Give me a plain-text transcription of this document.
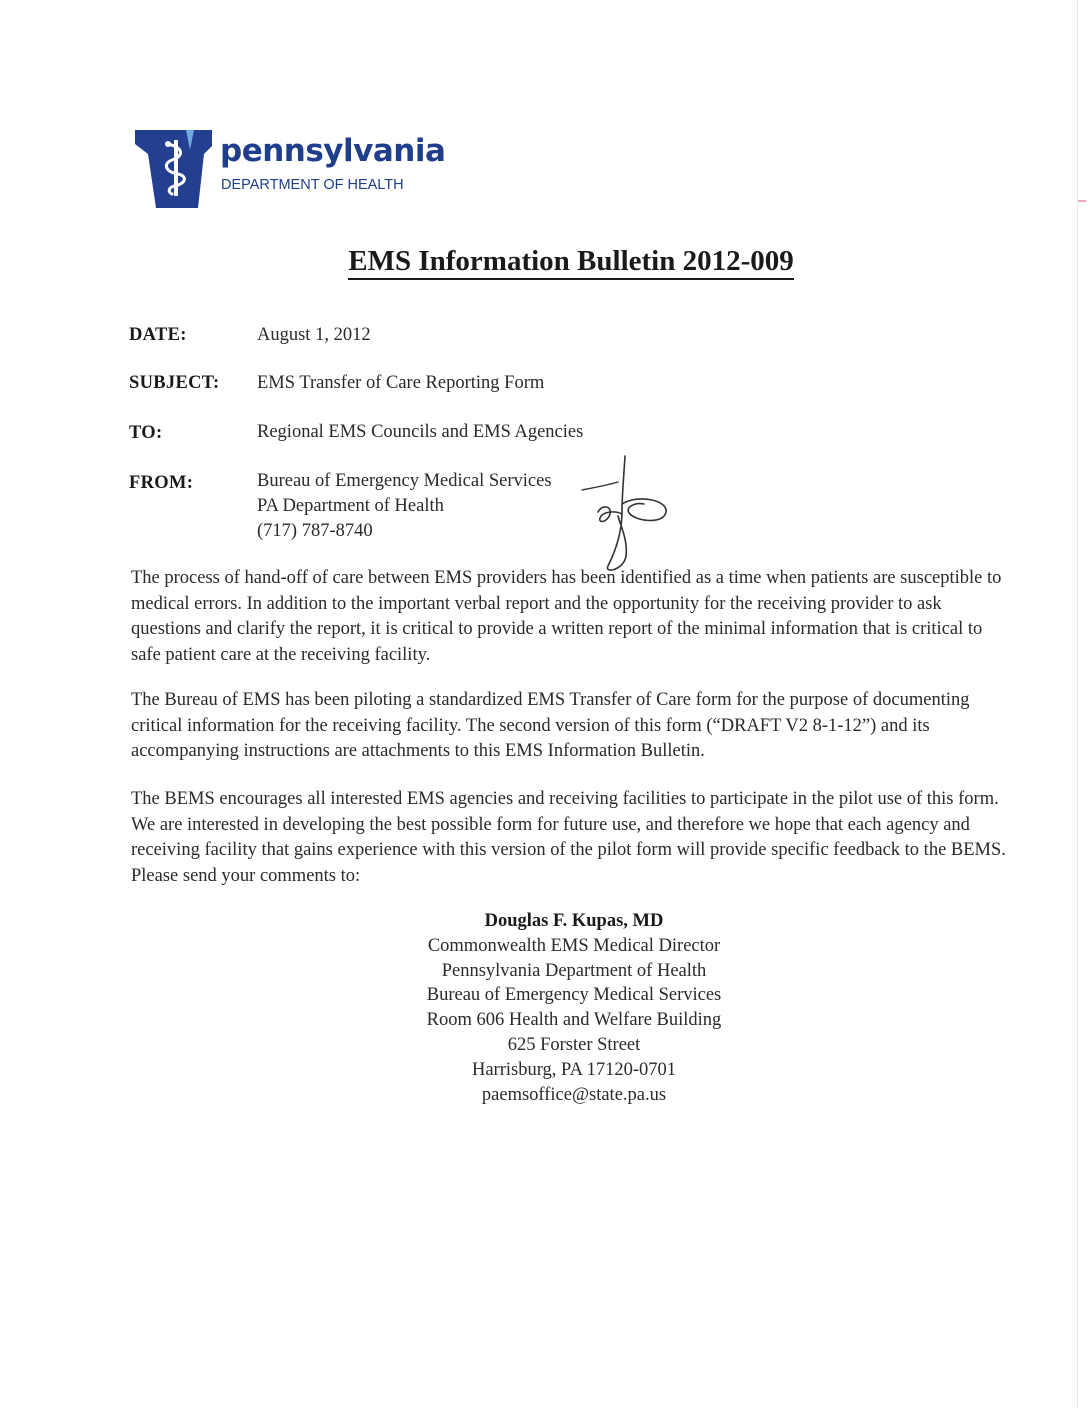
pennsylvania
DEPARTMENT OF HEALTH
EMS Information Bulletin 2012-009
DATE:	August 1, 2012
SUBJECT: EMS Transfer of Care Reporting Form
TO:	Regional EMS Councils and EMS Agencies
FROM:	Bureau of Emergency Medical Services
PA Department of Health
(717) 787-8740

The process of hand-off of care between EMS providers has been identified as a time when patients are susceptible to medical errors. In addition to the important verbal report and the opportunity for the receiving provider to ask questions and clarify the report, it is critical to provide a written report of the minimal information that is critical to safe patient care at the receiving facility.

The Bureau of EMS has been piloting a standardized EMS Transfer of Care form for the purpose of documenting critical information for the receiving facility. The second version of this form (“DRAFT V2 8-1-12”) and its accompanying instructions are attachments to this EMS Information Bulletin.

The BEMS encourages all interested EMS agencies and receiving facilities to participate in the pilot use of this form. We are interested in developing the best possible form for future use, and therefore we hope that each agency and receiving facility that gains experience with this version of the pilot form will provide specific feedback to the BEMS. Please send your comments to:

Douglas F. Kupas, MD
Commonwealth EMS Medical Director
Pennsylvania Department of Health
Bureau of Emergency Medical Services
Room 606 Health and Welfare Building
625 Forster Street
Harrisburg, PA 17120-0701
paemsoffice@state.pa.us
